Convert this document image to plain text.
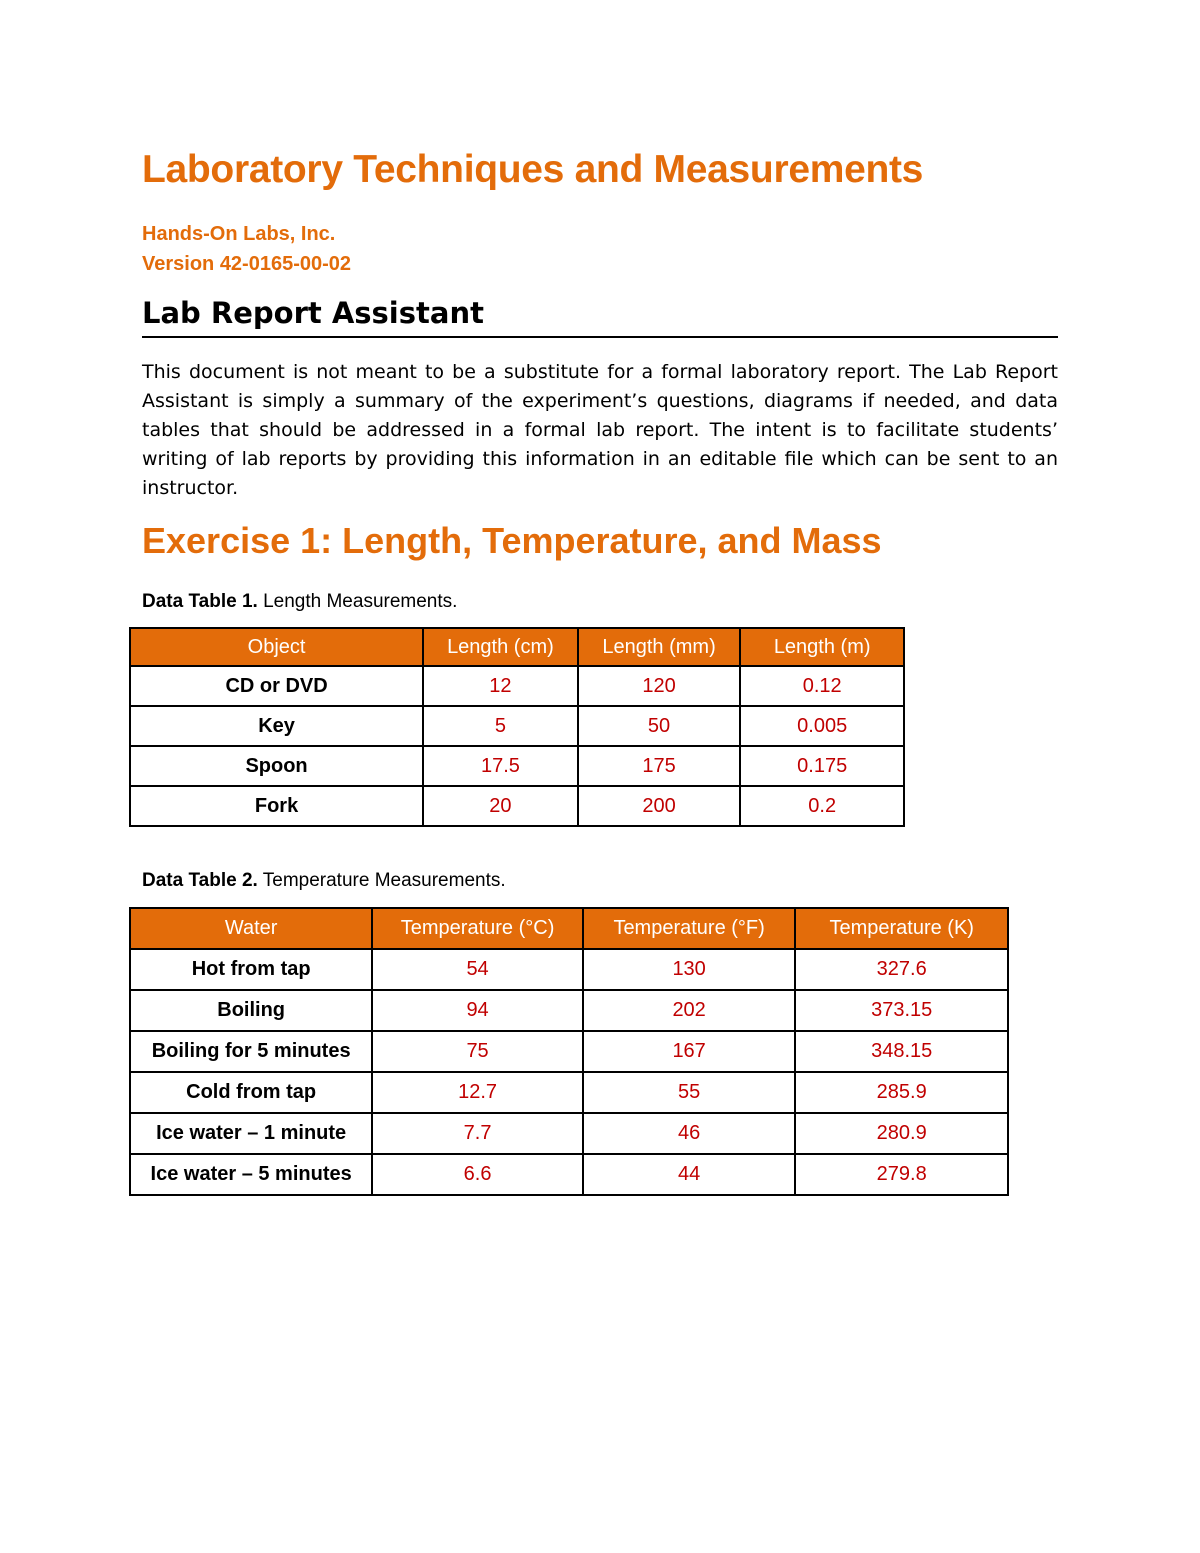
Laboratory Techniques and Measurements
Hands-On Labs, Inc.
Version 42-0165-00-02
Lab Report Assistant

This document is not meant to be a substitute for a formal laboratory report. The Lab Report Assistant is simply a summary of the experiment’s questions, diagrams if needed, and data tables that should be addressed in a formal lab report. The intent is to facilitate students’ writing of lab reports by providing this information in an editable file which can be sent to an instructor.

Exercise 1: Length, Temperature, and Mass
Data Table 1. Length Measurements.
Object	Length (cm)	Length (mm)	Length (m)
CD or DVD	12	120	0.12
Key	5	50	0.005
Spoon	17.5	175	0.175
Fork	20	200	0.2
Data Table 2. Temperature Measurements.
Water	Temperature (°C)	Temperature (°F)	Temperature (K)
Hot from tap	54	130	327.6
Boiling	94	202	373.15
Boiling for 5 minutes	75	167	348.15
Cold from tap	12.7	55	285.9
Ice water – 1 minute	7.7	46	280.9
Ice water – 5 minutes	6.6	44	279.8
